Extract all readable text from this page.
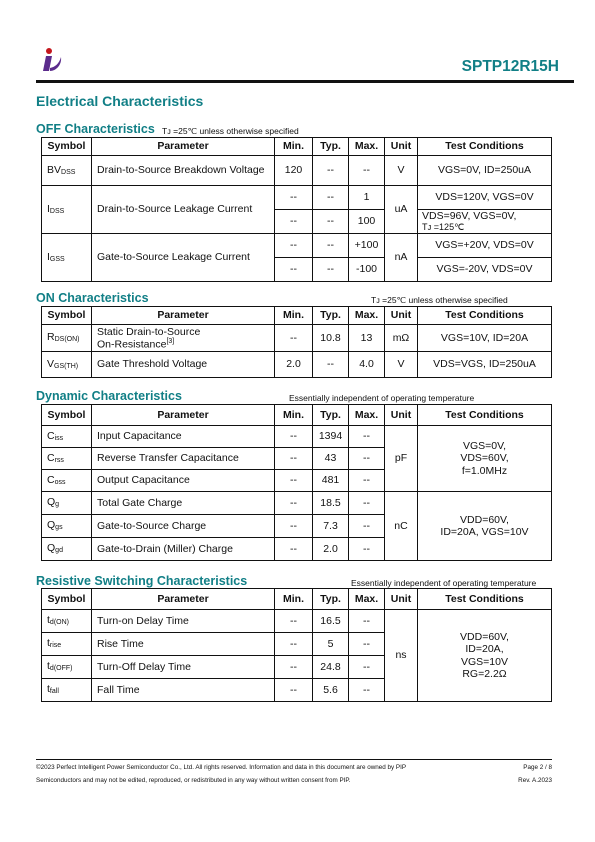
SPTP12R15H
Electrical Characteristics
OFF Characteristics Tᴊ =25℃ unless otherwise specified
Symbol	Parameter	Min.	Typ.	Max.	Unit	Test Conditions
$BV_{DSS}$	Drain-to-Source Breakdown Voltage	120	--	--	V	VGS=0V, ID=250uA
$I_{DSS}$	Drain-to-Source Leakage Current	--	--	1	uA	VDS=120V, VGS=0V
		--	--	100		VDS=96V, VGS=0V,
Tᴊ =125℃

$I_{GSS}$	Gate-to-Source Leakage Current	--	--	+100	nA	VGS=+20V, VDS=0V
		--	--	-100		VGS=-20V, VDS=0V
ON Characteristics	Tᴊ =25℃ unless otherwise specified
Symbol	Parameter	Min.	Typ.	Max.	Unit	Test Conditions
$R_{DS(ON)}$	Static Drain-to-Source
On-Resistance[3]	--	10.8	13	mΩ	VGS=10V, ID=20A
$V_{GS(TH)}$	Gate Threshold Voltage	2.0	--	4.0	V	VDS=VGS, ID=250uA
Dynamic Characteristics	Essentially independent of operating temperature
Symbol	Parameter	Min.	Typ.	Max.	Unit	Test Conditions
$C_{iss}$	Input Capacitance	--	1394	--	pF	VGS=0V,
VDS=60V,
f=1.0MHz

$C_{rss}$	Reverse Transfer Capacitance	--	43	--		
$C_{oss}$	Output Capacitance	--	481	--		
$Q_g$	Total Gate Charge	--	18.5	--	nC	VDD=60V,
ID=20A, VGS=10V

$Q_{gs}$	Gate-to-Source Charge	--	7.3	--		
$Q_{gd}$	Gate-to-Drain (Miller) Charge	--	2.0	--		
Resistive Switching Characteristics	Essentially independent of operating temperature
Symbol	Parameter	Min.	Typ.	Max.	Unit	Test Conditions
$t_{d(ON)}$	Turn-on Delay Time	--	16.5	--	ns	VDD=60V,
ID=20A,
VGS=10V
RG=2.2Ω

$t_{rise}$	Rise Time	--	5	--		
$t_{d(OFF)}$	Turn-Off Delay Time	--	24.8	--		
$t_{fall}$	Fall Time	--	5.6	--		
©2023 Perfect Intelligent Power Semiconductor Co., Ltd. All rights reserved. Information and data in this document are owned by PIP	Page 2 / 8
Semiconductors and may not be edited, reproduced, or redistributed in any way without written consent from PIP.	Rev. A.2023
